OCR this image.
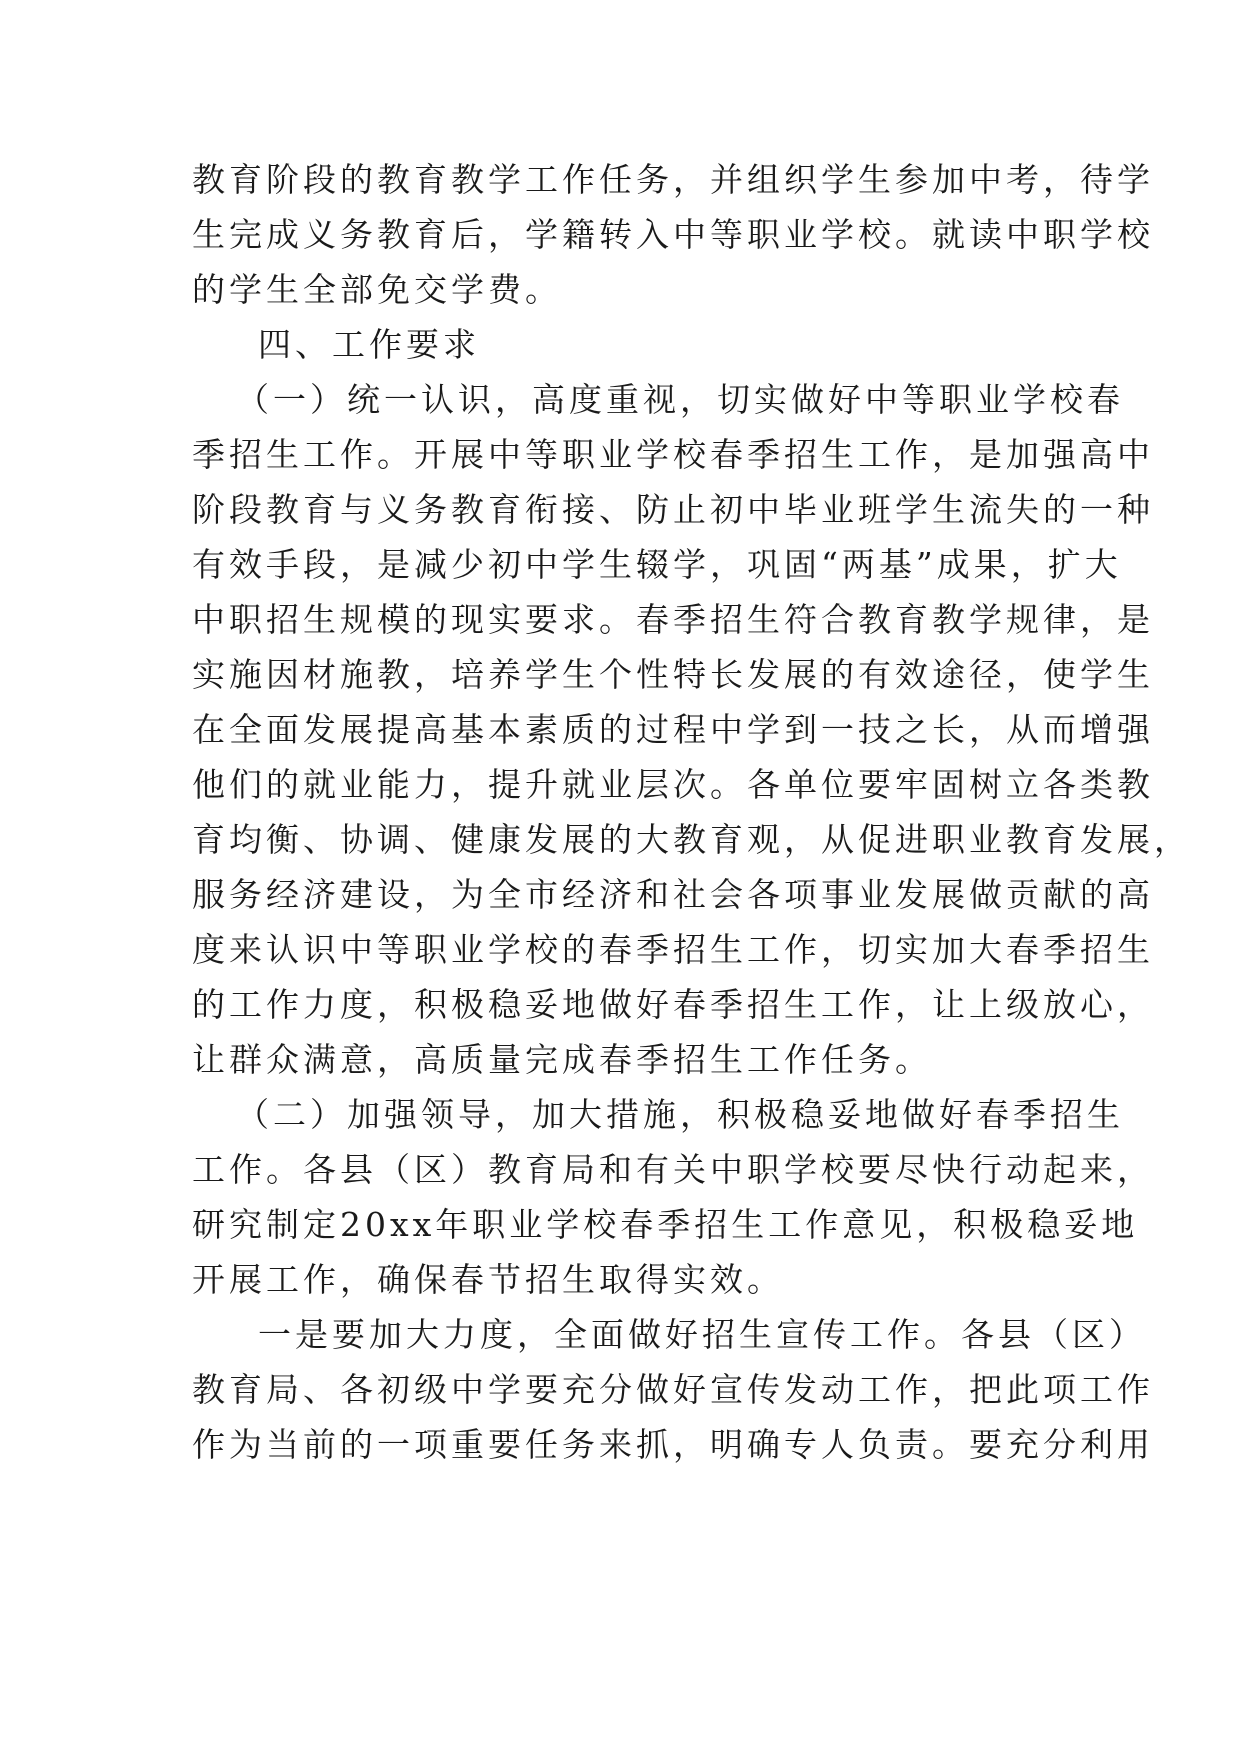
教育阶段的教育教学工作任务，并组织学生参加中考，待学
生完成义务教育后，学籍转入中等职业学校。就读中职学校
的学生全部免交学费。
四、工作要求
（一）统一认识，高度重视，切实做好中等职业学校春
季招生工作。开展中等职业学校春季招生工作，是加强高中
阶段教育与义务教育衔接、防止初中毕业班学生流失的一种
有效手段，是减少初中学生辍学，巩固“两基”成果，扩大
中职招生规模的现实要求。春季招生符合教育教学规律，是
实施因材施教，培养学生个性特长发展的有效途径，使学生
在全面发展提高基本素质的过程中学到一技之长，从而增强
他们的就业能力，提升就业层次。各单位要牢固树立各类教
育均衡、协调、健康发展的大教育观，从促进职业教育发展，
服务经济建设，为全市经济和社会各项事业发展做贡献的高
度来认识中等职业学校的春季招生工作，切实加大春季招生
的工作力度，积极稳妥地做好春季招生工作，让上级放心，
让群众满意，高质量完成春季招生工作任务。
（二）加强领导，加大措施，积极稳妥地做好春季招生
工作。各县（区）教育局和有关中职学校要尽快行动起来，
研究制定20xx年职业学校春季招生工作意见，积极稳妥地
开展工作，确保春节招生取得实效。
一是要加大力度，全面做好招生宣传工作。各县（区）
教育局、各初级中学要充分做好宣传发动工作，把此项工作
作为当前的一项重要任务来抓，明确专人负责。要充分利用
